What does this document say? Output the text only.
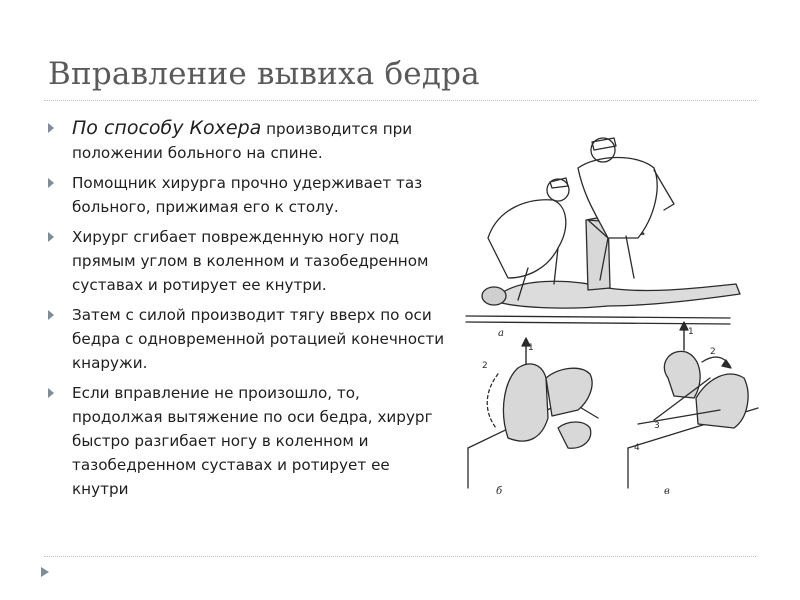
Вправление вывиха бедра
По способу Кохера производится при положении больного на спине.
Помощник хирурга прочно удерживает таз больного, прижимая его к столу.
Хирург сгибает поврежденную ногу под прямым углом в коленном и тазобедренном суставах и ротирует ее кнутри.
Затем с силой производит тягу вверх по оси бедра с одновременной ротацией конечности кнаружи.
Если вправление не произошло, то, продолжая вытяжение по оси бедра, хирург быстро разгибает ногу в коленном и тазобедренном суставах и ротирует ее кнутри
а
1
2
б
1
2
3
4
в
